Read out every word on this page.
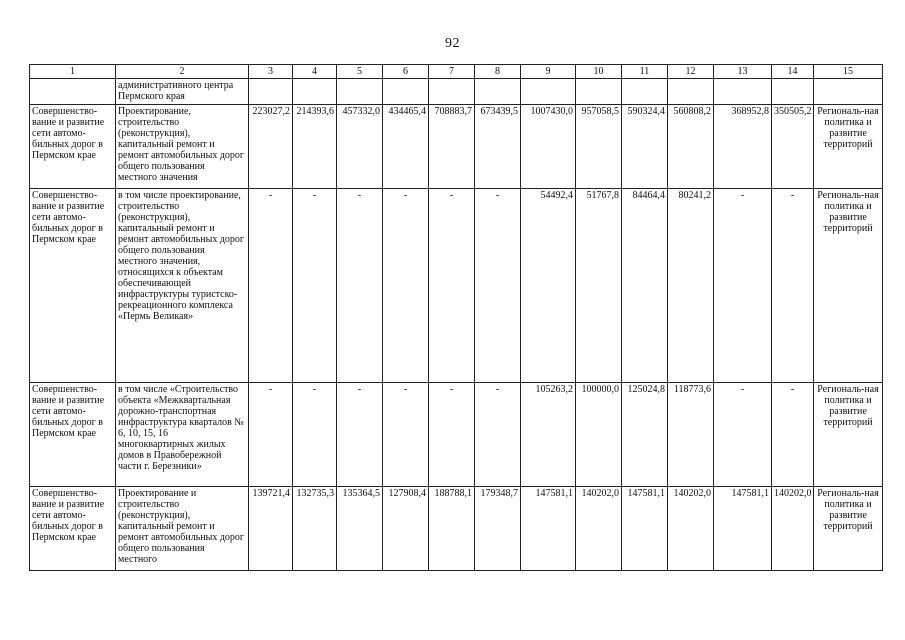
92
1	2	3	4	5	6	7	8	9	10	11	12	13	14	15
	административного центра Пермского края													
Совершенство-вание и развитие сети автомо-бильных дорог в Пермском крае	Проектирование, строительство (реконструкция), капитальный ремонт и ремонт автомобильных дорог общего пользования местного значения	223027,2	214393,6	457332,0	434465,4	708883,7	673439,5	1007430,0	957058,5	590324,4	560808,2	368952,8	350505,2	Региональ-ная политика и развитие территорий
Совершенство-вание и развитие сети автомо-бильных дорог в Пермском крае	в том числе проектирование, строительство (реконструкция), капитальный ремонт и ремонт автомобильных дорог общего пользования местного значения, относящихся к объектам обеспечивающей инфраструктуры туристско-рекреационного комплекса «Пермь Великая»	-	-	-	-	-	-	54492,4	51767,8	84464,4	80241,2	-	-	Региональ-ная политика и развитие территорий
Совершенство-вание и развитие сети автомо-бильных дорог в Пермском крае	в том числе «Строительство объекта «Межквартальная дорожно-транспортная инфраструктура кварталов № 6, 10, 15, 16 многоквартирных жилых домов в Правобережной части г. Березники»	-	-	-	-	-	-	105263,2	100000,0	125024,8	118773,6	-	-	Региональ-ная политика и развитие территорий
Совершенство-вание и развитие сети автомо-бильных дорог в Пермском крае	Проектирование и строительство (реконструкция), капитальный ремонт и ремонт автомобильных дорог общего пользования местного	139721,4	132735,3	135364,5	127908,4	188788,1	179348,7	147581,1	140202,0	147581,1	140202,0	147581,1	140202,0	Региональ-ная политика и развитие территорий
